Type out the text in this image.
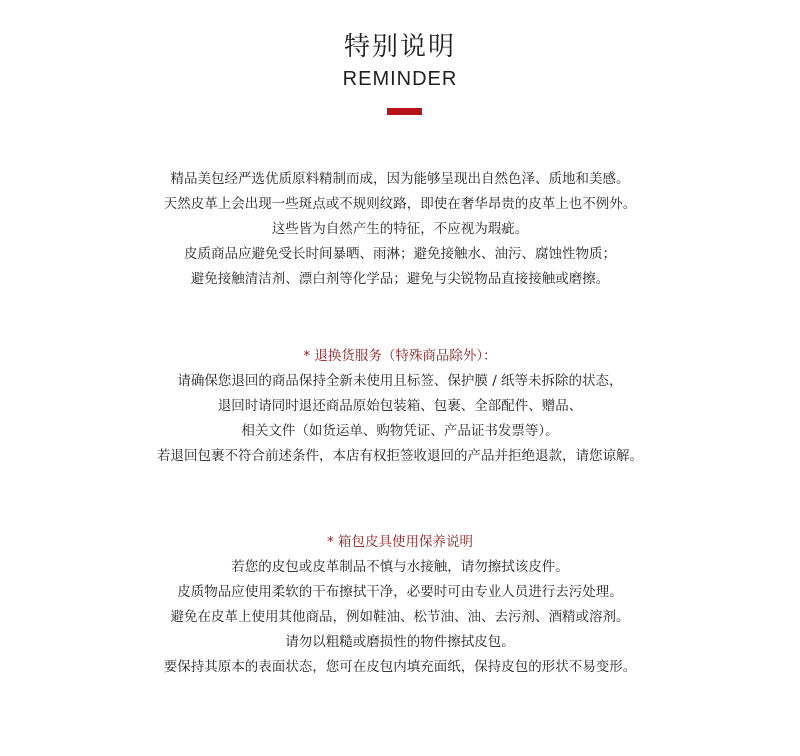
特别说明
REMINDER
精品美包经严选优质原料精制而成，因为能够呈现出自然色泽、质地和美感。
天然皮革上会出现一些斑点或不规则纹路，即使在奢华昂贵的皮革上也不例外。
这些皆为自然产生的特征，不应视为瑕疵。
皮质商品应避免受长时间暴晒、雨淋；避免接触水、油污、腐蚀性物质；
避免接触清洁剂、漂白剂等化学品；避免与尖锐物品直接接触或磨擦。
* 退换货服务（特殊商品除外）：
请确保您退回的商品保持全新未使用且标签、保护膜 / 纸等未拆除的状态，
退回时请同时退还商品原始包装箱、包裹、全部配件、赠品、
相关文件（如货运单、购物凭证、产品证书发票等）。
若退回包裹不符合前述条件，本店有权拒签收退回的产品并拒绝退款，请您谅解。
* 箱包皮具使用保养说明
若您的皮包或皮革制品不慎与水接触，请勿擦拭该皮件。
皮质物品应使用柔软的干布擦拭干净，必要时可由专业人员进行去污处理。
避免在皮革上使用其他商品，例如鞋油、松节油、油、去污剂、酒精或溶剂。
请勿以粗糙或磨损性的物件擦拭皮包。
要保持其原本的表面状态，您可在皮包内填充面纸，保持皮包的形状不易变形。
